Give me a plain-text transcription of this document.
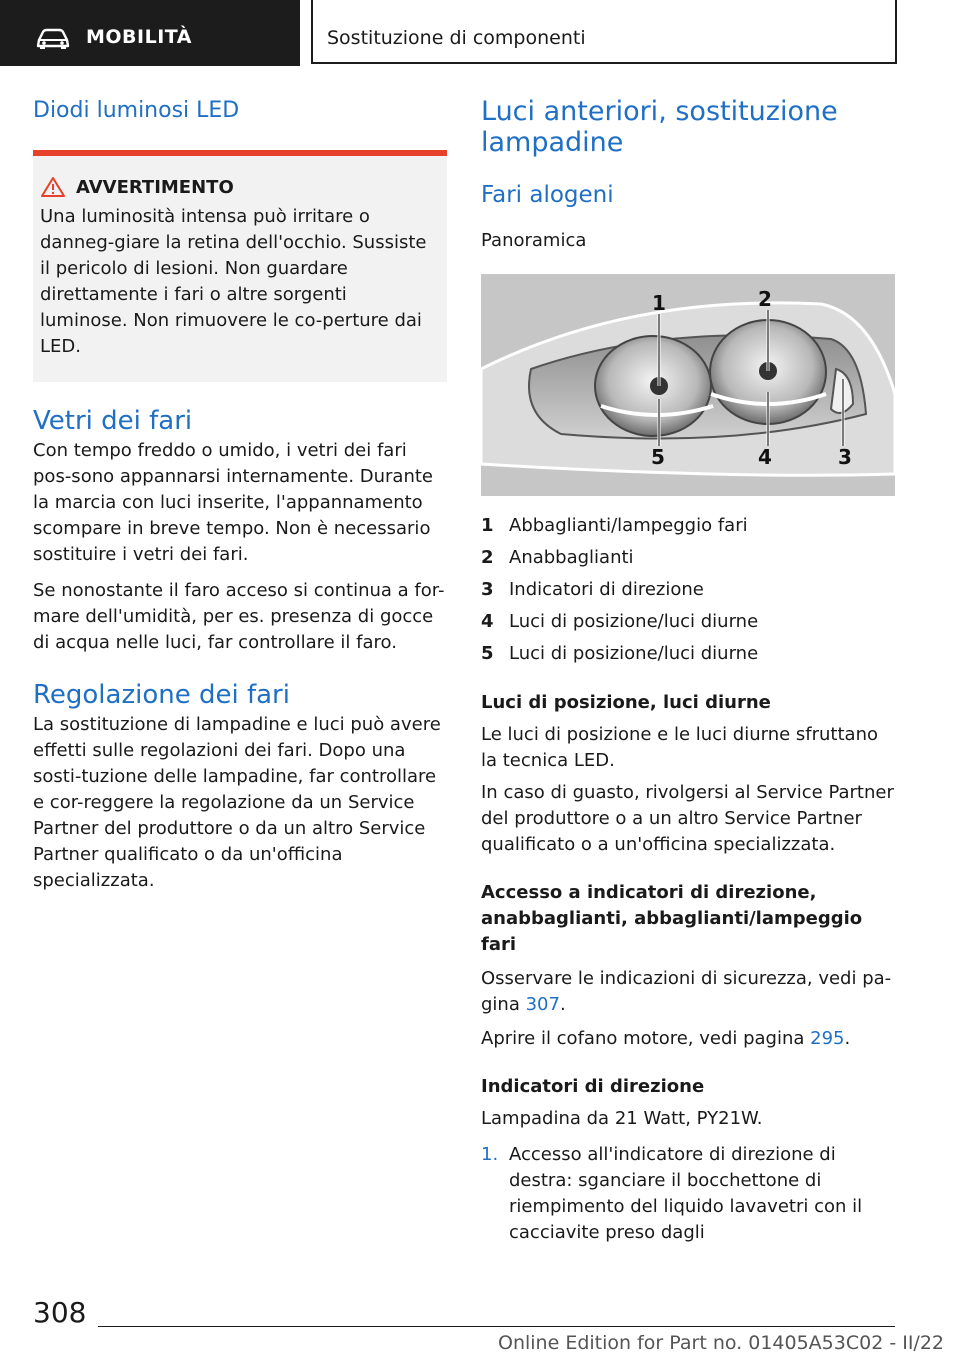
MOBILITÀ	Sostituzione di componenti
Diodi luminosi LED
AVVERTIMENTO

Una luminosità intensa può irritare o danneg-giare la retina dell'occhio. Sussiste il pericolo di lesioni. Non guardare direttamente i fari o altre sorgenti luminose. Non rimuovere le co-perture dai LED.

Vetri dei fari

Con tempo freddo o umido, i vetri dei fari pos-sono appannarsi internamente. Durante la marcia con luci inserite, l'appannamento scompare in breve tempo. Non è necessario sostituire i vetri dei fari.

Se nonostante il faro acceso si continua a for-mare dell'umidità, per es. presenza di gocce di acqua nelle luci, far controllare il faro.

Regolazione dei fari

La sostituzione di lampadine e luci può avere effetti sulle regolazioni dei fari. Dopo una sosti-tuzione delle lampadine, far controllare e cor-reggere la regolazione da un Service Partner del produttore o da un altro Service Partner qualificato o da un'officina specializzata.

Luci anteriori, sostituzione lampadine
Fari alogeni

Panoramica

1	2
3
4
5
1 Abbaglianti/lampeggio fari
2 Anabbaglianti
3 Indicatori di direzione
4 Luci di posizione/luci diurne
5 Luci di posizione/luci diurne

Luci di posizione, luci diurne

Le luci di posizione e le luci diurne sfruttano la tecnica LED.

In caso di guasto, rivolgersi al Service Partner del produttore o a un altro Service Partner qualificato o a un'officina specializzata.

Accesso a indicatori di direzione, anabbaglianti, abbaglianti/lampeggio fari

Osservare le indicazioni di sicurezza, vedi pa-gina 307.

Aprire il cofano motore, vedi pagina 295.

Indicatori di direzione

Lampadina da 21 Watt, PY21W.

1. Accesso all'indicatore di direzione di destra: sganciare il bocchettone di riempimento del liquido lavavetri con il cacciavite preso dagli
308
Online Edition for Part no. 01405A53C02 - II/22
